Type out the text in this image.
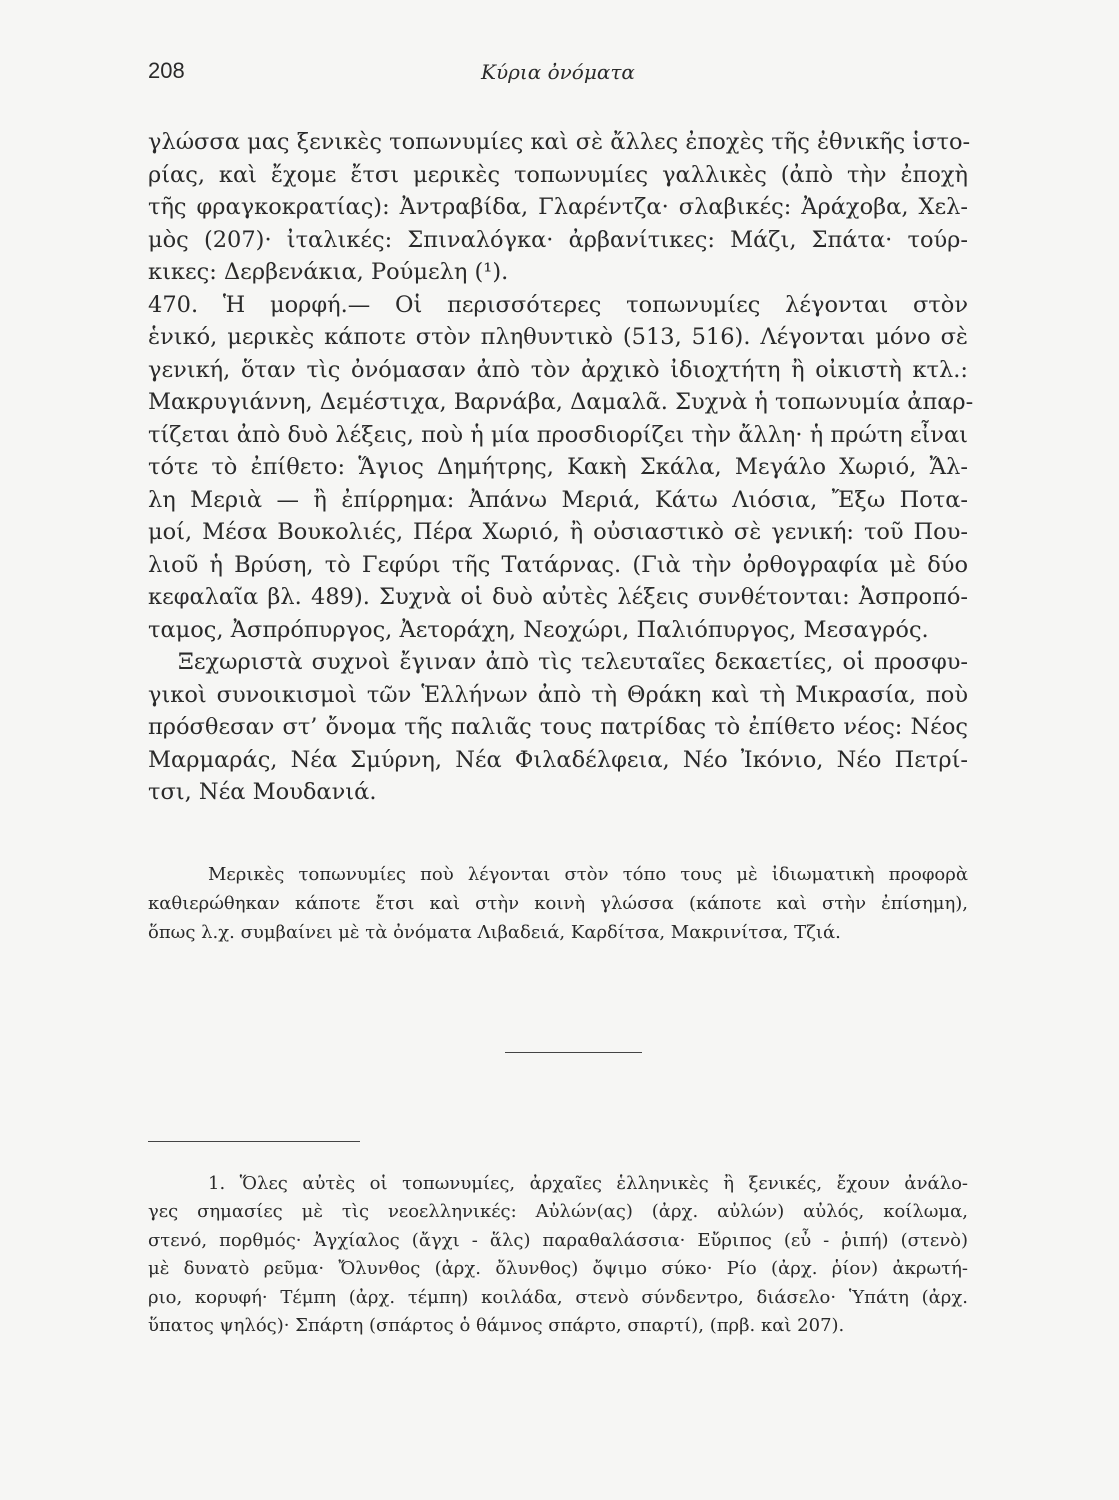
208	Κύρια ὀνόματα
γλώσσα μας ξενικὲς τοπωνυμίες καὶ σὲ ἄλλες ἐποχὲς τῆς ἐθνικῆς ἱστο-
ρίας, καὶ ἔχομε ἔτσι μερικὲς τοπωνυμίες γαλλικὲς (ἀπὸ τὴν ἐποχὴ
τῆς φραγκοκρατίας): Ἀντραβίδα, Γλαρέντζα· σλαβικές: Ἀράχοβα, Χελ-
μὸς (207)· ἰταλικές: Σπιναλόγκα· ἀρβανίτικες: Μάζι, Σπάτα· τούρ-
κικες: Δερβενάκια, Ρούμελη (¹).
470. Ἡ μορφή.— Οἱ περισσότερες τοπωνυμίες λέγονται στὸν
ἑνικό, μερικὲς κάποτε στὸν πληθυντικὸ (513, 516). Λέγονται μόνο σὲ
γενική, ὅταν τὶς ὀνόμασαν ἀπὸ τὸν ἀρχικὸ ἰδιοχτήτη ἢ οἰκιστὴ κτλ.:
Μακρυγιάννη, Δεμέστιχα, Βαρνάβα, Δαμαλᾶ. Συχνὰ ἡ τοπωνυμία ἀπαρ-
τίζεται ἀπὸ δυὸ λέξεις, ποὺ ἡ μία προσδιορίζει τὴν ἄλλη· ἡ πρώτη εἶναι
τότε τὸ ἐπίθετο: Ἅγιος Δημήτρης, Κακὴ Σκάλα, Μεγάλο Χωριό, Ἄλ-
λη Μεριὰ — ἢ ἐπίρρημα: Ἀπάνω Μεριά, Κάτω Λιόσια, Ἔξω Ποτα-
μοί, Μέσα Βουκολιές, Πέρα Χωριό, ἢ οὐσιαστικὸ σὲ γενική: τοῦ Που-
λιοῦ ἡ Βρύση, τὸ Γεφύρι τῆς Τατάρνας. (Γιὰ τὴν ὀρθογραφία μὲ δύο
κεφαλαῖα βλ. 489). Συχνὰ οἱ δυὸ αὐτὲς λέξεις συνθέτονται: Ἀσπροπό-
ταμος, Ἀσπρόπυργος, Ἀετοράχη, Νεοχώρι, Παλιόπυργος, Μεσαγρός.
Ξεχωριστὰ συχνοὶ ἔγιναν ἀπὸ τὶς τελευταῖες δεκαετίες, οἱ προσφυ-
γικοὶ συνοικισμοὶ τῶν Ἑλλήνων ἀπὸ τὴ Θράκη καὶ τὴ Μικρασία, ποὺ
πρόσθεσαν στ’ ὄνομα τῆς παλιᾶς τους πατρίδας τὸ ἐπίθετο νέος: Νέος
Μαρμαράς, Νέα Σμύρνη, Νέα Φιλαδέλφεια, Νέο Ἰκόνιο, Νέο Πετρί-
τσι, Νέα Μουδανιά.
Μερικὲς τοπωνυμίες ποὺ λέγονται στὸν τόπο τους μὲ ἰδιωματικὴ προφορὰ
καθιερώθηκαν κάποτε ἔτσι καὶ στὴν κοινὴ γλώσσα (κάποτε καὶ στὴν ἐπίσημη),
ὅπως λ.χ. συμβαίνει μὲ τὰ ὀνόματα Λιβαδειά, Καρδίτσα, Μακρινίτσα, Τζιά.
1. Ὅλες αὐτὲς οἱ τοπωνυμίες, ἀρχαῖες ἑλληνικὲς ἢ ξενικές, ἔχουν ἀνάλο-
γες σημασίες μὲ τὶς νεοελληνικές: Αὐλών(ας) (ἀρχ. αὐλών) αὐλός, κοίλωμα,
στενό, πορθμός· Ἀγχίαλος (ἄγχι - ἅλς) παραθαλάσσια· Εὔριπος (εὖ - ῥιπή) (στενὸ)
μὲ δυνατὸ ρεῦμα· Ὄλυνθος (ἀρχ. ὄλυνθος) ὄψιμο σύκο· Ρίο (ἀρχ. ῥίον) ἀκρωτή-
ριο, κορυφή· Τέμπη (ἀρχ. τέμπη) κοιλάδα, στενὸ σύνδεντρο, διάσελο· Ὑπάτη (ἀρχ.
ὕπατος ψηλός)· Σπάρτη (σπάρτος ὁ θάμνος σπάρτο, σπαρτί), (πρβ. καὶ 207).
